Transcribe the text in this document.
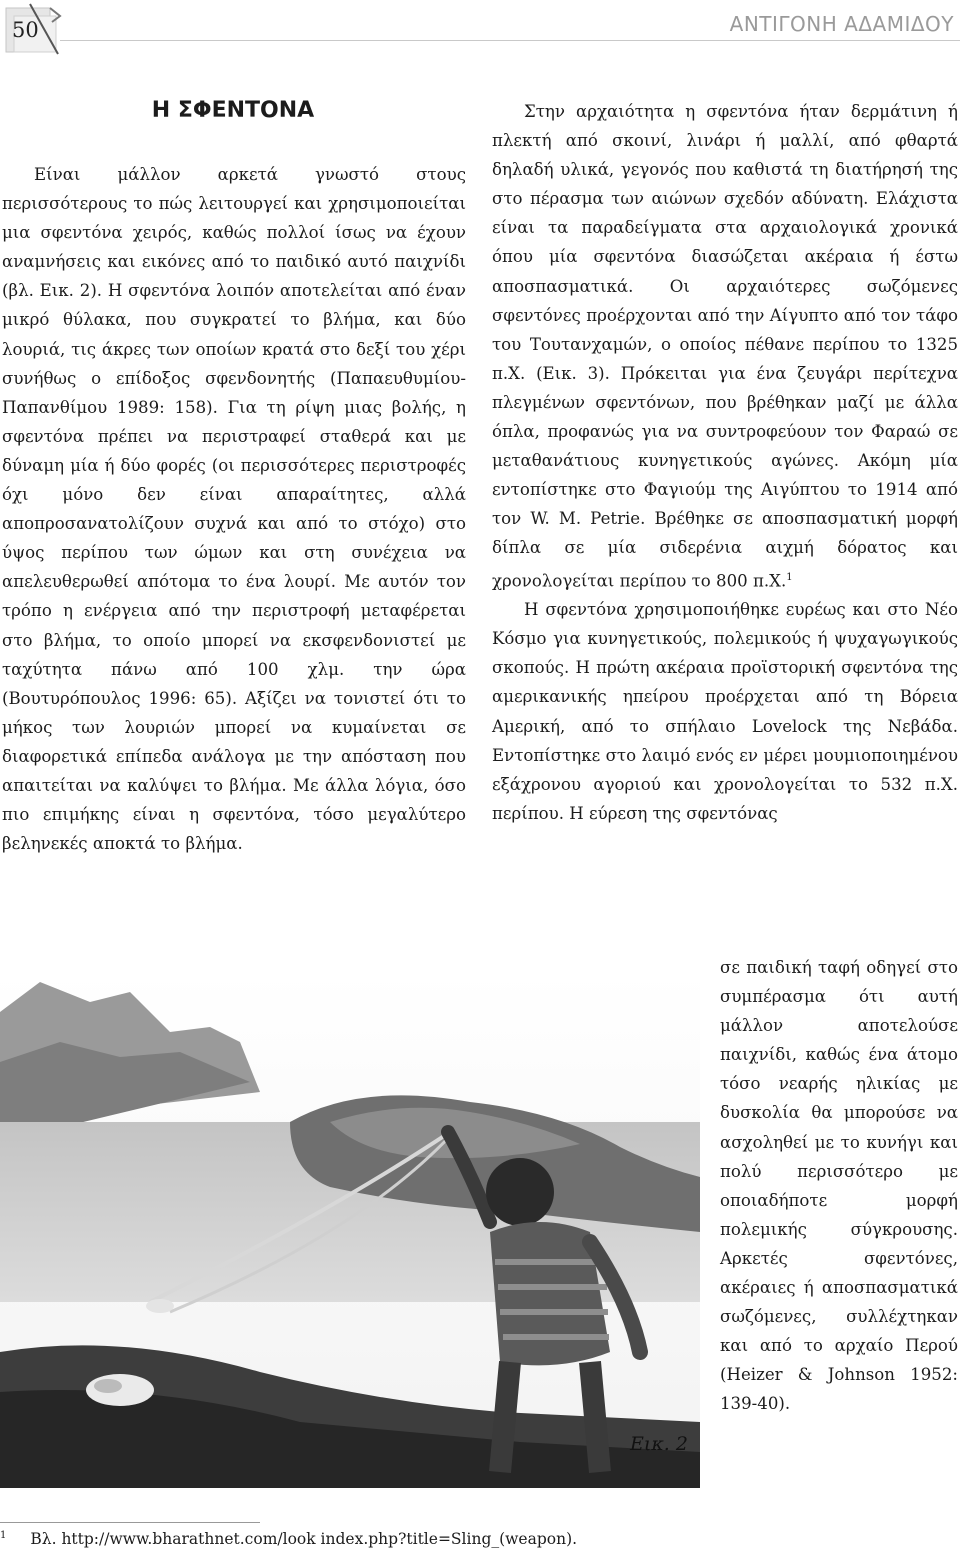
50	ΑΝΤΙΓΟΝΗ ΑΔΑΜΙΔΟΥ
Η ΣΦΕΝΤΟΝΑ

Είναι μάλλον αρκετά γνωστό στους περισσότερους το πώς λειτουργεί και χρησιμοποιείται μια σφεντόνα χειρός, καθώς πολλοί ίσως να έχουν αναμνήσεις και εικόνες από το παιδικό αυτό παιχνίδι (βλ. Εικ. 2). Η σφεντόνα λοιπόν αποτελείται από έναν μικρό θύλακα, που συγκρατεί το βλήμα, και δύο λουριά, τις άκρες των οποίων κρατά στο δεξί του χέρι συνήθως ο επίδοξος σφενδονητής (Παπαευθυμίου-Παπανθίμου 1989: 158). Για τη ρίψη μιας βολής, η σφεντόνα πρέπει να περιστραφεί σταθερά και με δύναμη μία ή δύο φορές (οι περισσότερες περιστροφές όχι μόνο δεν είναι απαραίτητες, αλλά αποπροσανατολίζουν συχνά και από το στόχο) στο ύψος περίπου των ώμων και στη συνέχεια να απελευθερωθεί απότομα το ένα λουρί. Με αυτόν τον τρόπο η ενέργεια από την περιστροφή μεταφέρεται στο βλήμα, το οποίο μπορεί να εκσφενδονιστεί με ταχύτητα πάνω από 100 χλμ. την ώρα (Βουτυρόπουλος 1996: 65). Αξίζει να τονιστεί ότι το μήκος των λουριών μπορεί να κυμαίνεται σε διαφορετικά επίπεδα ανάλογα με την απόσταση που απαιτείται να καλύψει το βλήμα. Με άλλα λόγια, όσο πιο επιμήκης είναι η σφεντόνα, τόσο μεγαλύτερο βεληνεκές αποκτά το βλήμα.

Στην αρχαιότητα η σφεντόνα ήταν δερμάτινη ή πλεκτή από σκοινί, λινάρι ή μαλλί, από φθαρτά δηλαδή υλικά, γεγονός που καθιστά τη διατήρησή της στο πέρασμα των αιώνων σχεδόν αδύνατη. Ελάχιστα είναι τα παραδείγματα στα αρχαιολογικά χρονικά όπου μία σφεντόνα διασώζεται ακέραια ή έστω αποσπασματικά. Οι αρχαιότερες σωζόμενες σφεντόνες προέρχονται από την Αίγυπτο από τον τάφο του Τουτανχαμών, ο οποίος πέθανε περίπου το 1325 π.Χ. (Εικ. 3). Πρόκειται για ένα ζευγάρι περίτεχνα πλεγμένων σφεντόνων, που βρέθηκαν μαζί με άλλα όπλα, προφανώς για να συντροφεύουν τον Φαραώ σε μεταθανάτιους κυνηγετικούς αγώνες. Ακόμη μία εντοπίστηκε στο Φαγιούμ της Αιγύπτου το 1914 από τον W. M. Petrie. Βρέθηκε σε αποσπασματική μορφή δίπλα σε μία σιδερένια αιχμή δόρατος και χρονολογείται περίπου το 800 π.Χ.$^1$

Η σφεντόνα χρησιμοποιήθηκε ευρέως και στο Νέο Κόσμο για κυνηγετικούς, πολεμικούς ή ψυχαγωγικούς σκοπούς. Η πρώτη ακέραια προϊστορική σφεντόνα της αμερικανικής ηπείρου προέρχεται από τη Βόρεια Αμερική, από το σπήλαιο Lovelock της Νεβάδα. Εντοπίστηκε στο λαιμό ενός εν μέρει μουμιοποιημένου εξάχρονου αγοριού και χρονολογείται το 532 π.Χ. περίπου. Η εύρεση της σφεντόνας

σε παιδική ταφή οδηγεί στο συμπέρασμα ότι αυτή μάλλον αποτελούσε παιχνίδι, καθώς ένα άτομο τόσο νεαρής ηλικίας με δυσκολία θα μπορούσε να ασχοληθεί με το κυνήγι και πολύ περισσότερο με οποιαδήποτε μορφή πολεμικής σύγκρουσης. Αρκετές σφεντόνες, ακέραιες ή αποσπασματικά σωζόμενες, συλλέχτηκαν και από το αρχαίο Περού (Heizer & Johnson 1952: 139-40).

Εικ. 2
$^1$ Βλ. http://www.bharathnet.com/look index.php?title=Sling_(weapon).
